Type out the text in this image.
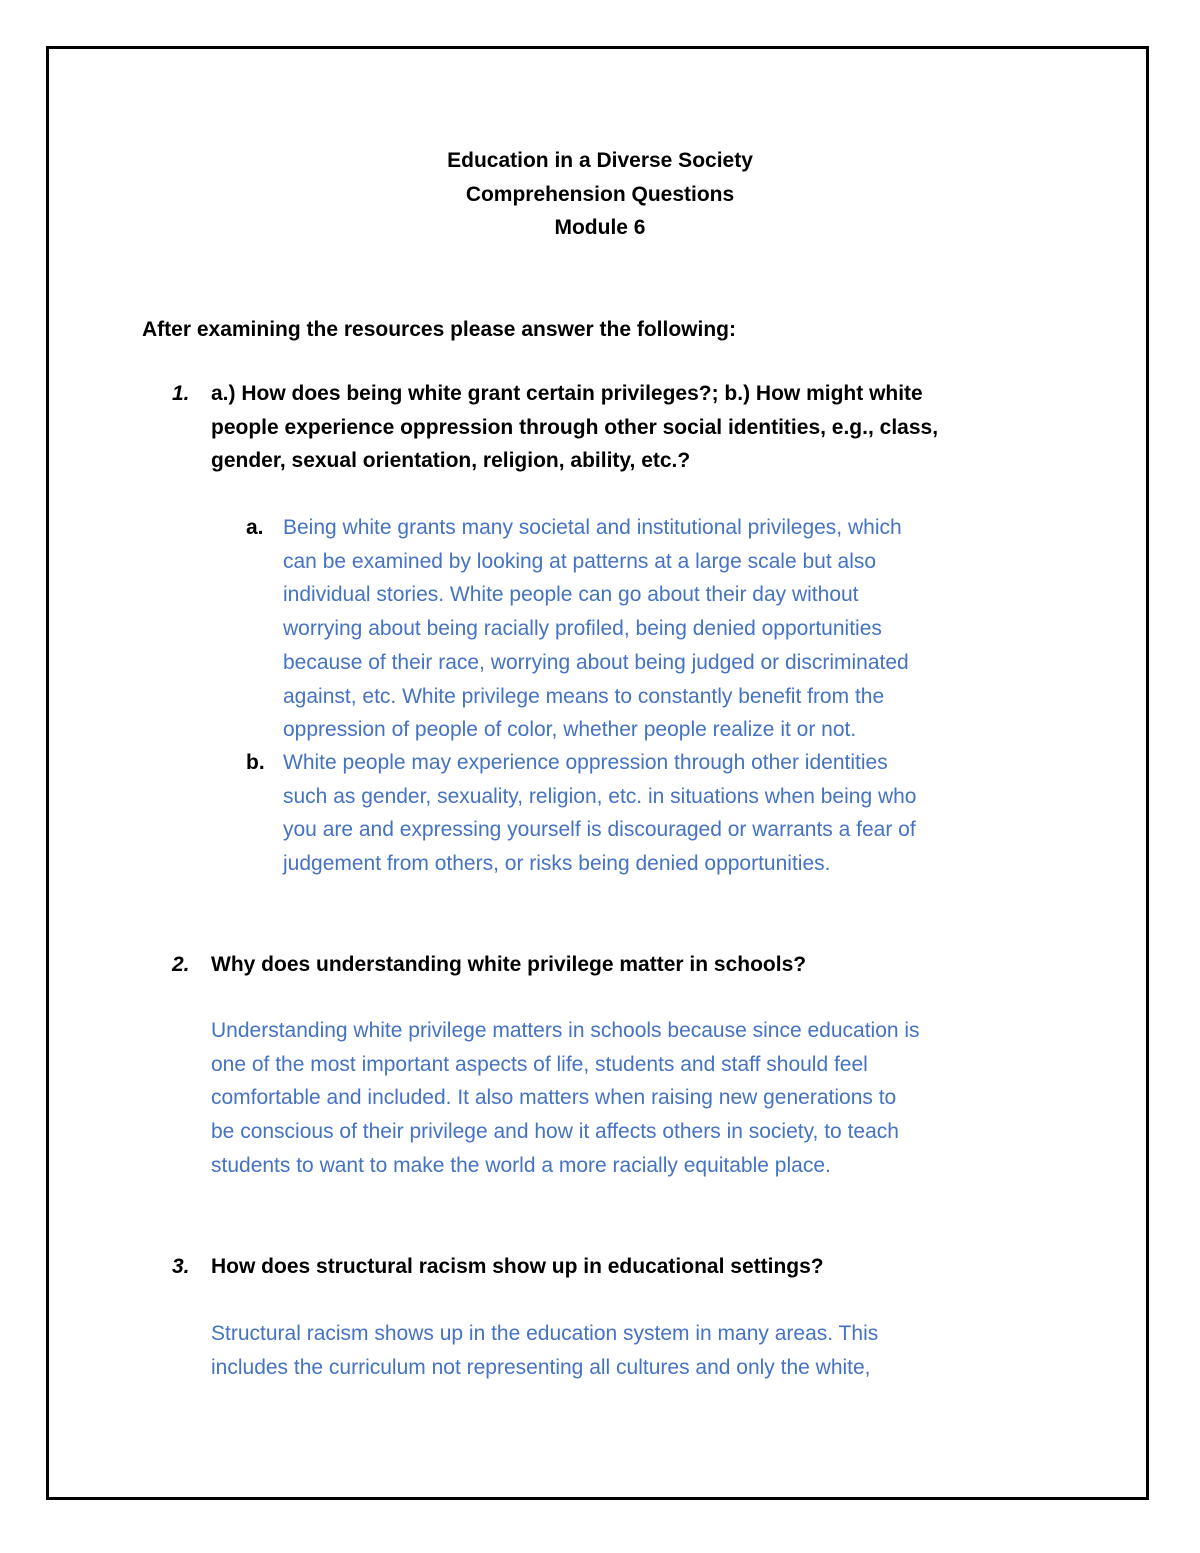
Education in a Diverse Society
Comprehension Questions
Module 6
After examining the resources please answer the following:
1. a.) How does being white grant certain privileges?; b.) How might white
people experience oppression through other social identities, e.g., class,
gender, sexual orientation, religion, ability, etc.?
a. Being white grants many societal and institutional privileges, which
can be examined by looking at patterns at a large scale but also
individual stories. White people can go about their day without
worrying about being racially profiled, being denied opportunities
because of their race, worrying about being judged or discriminated
against, etc. White privilege means to constantly benefit from the
oppression of people of color, whether people realize it or not.
b. White people may experience oppression through other identities
such as gender, sexuality, religion, etc. in situations when being who
you are and expressing yourself is discouraged or warrants a fear of
judgement from others, or risks being denied opportunities.
2. Why does understanding white privilege matter in schools?
Understanding white privilege matters in schools because since education is
one of the most important aspects of life, students and staff should feel
comfortable and included. It also matters when raising new generations to
be conscious of their privilege and how it affects others in society, to teach
students to want to make the world a more racially equitable place.
3. How does structural racism show up in educational settings?
Structural racism shows up in the education system in many areas. This
includes the curriculum not representing all cultures and only the white,
